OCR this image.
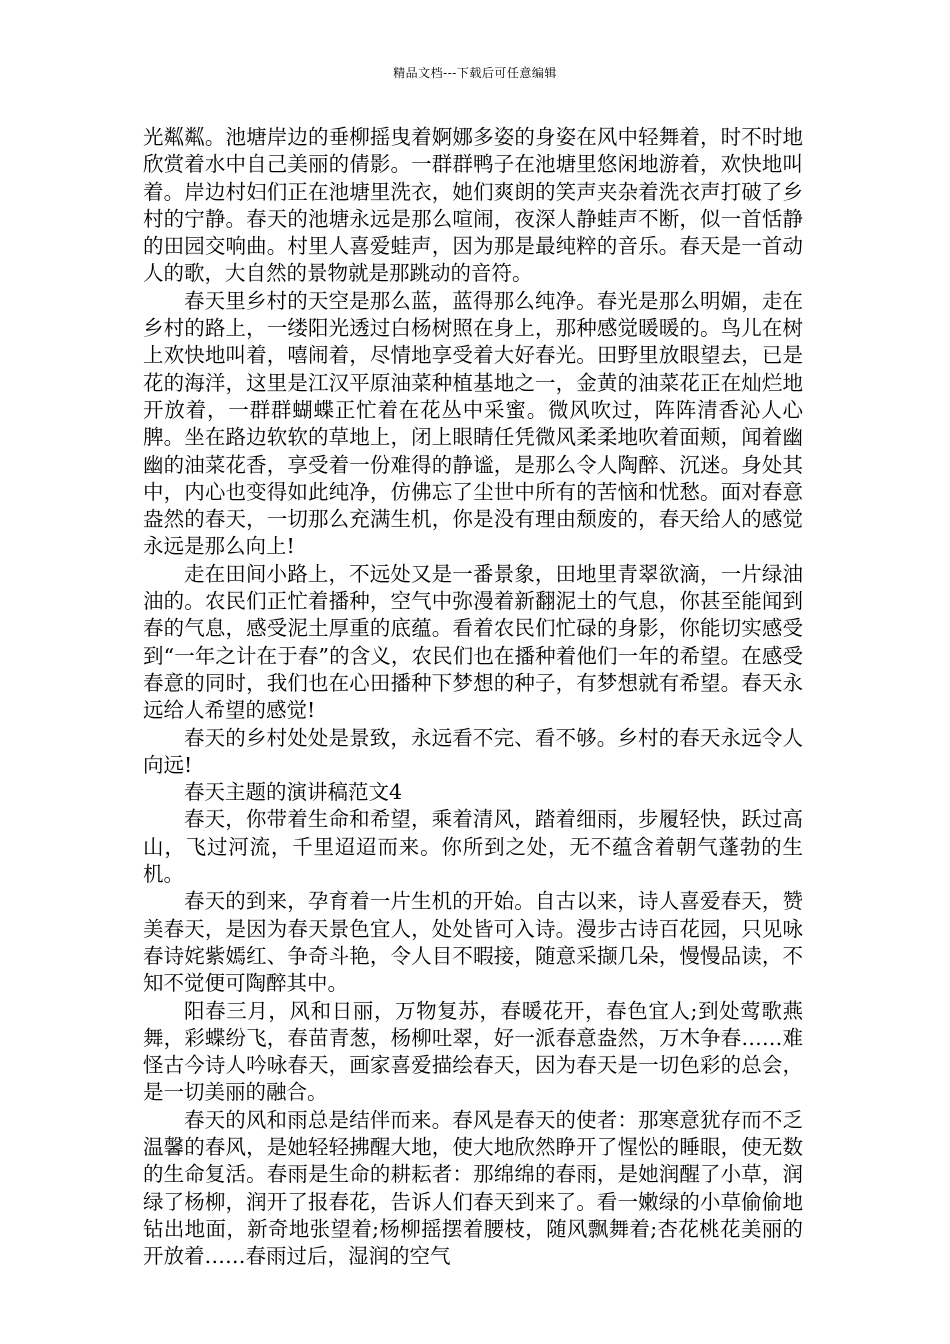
精品文档---下载后可任意编辑

光粼粼。池塘岸边的垂柳摇曳着婀娜多姿的身姿在风中轻舞着，时不时地欣赏着水中自己美丽的倩影。一群群鸭子在池塘里悠闲地游着，欢快地叫着。岸边村妇们正在池塘里洗衣，她们爽朗的笑声夹杂着洗衣声打破了乡村的宁静。春天的池塘永远是那么喧闹，夜深人静蛙声不断，似一首恬静的田园交响曲。村里人喜爱蛙声，因为那是最纯粹的音乐。春天是一首动人的歌，大自然的景物就是那跳动的音符。

春天里乡村的天空是那么蓝，蓝得那么纯净。春光是那么明媚，走在乡村的路上，一缕阳光透过白杨树照在身上，那种感觉暖暖的。鸟儿在树上欢快地叫着，嘻闹着，尽情地享受着大好春光。田野里放眼望去，已是花的海洋，这里是江汉平原油菜种植基地之一，金黄的油菜花正在灿烂地开放着，一群群蝴蝶正忙着在花丛中采蜜。微风吹过，阵阵清香沁人心脾。坐在路边软软的草地上，闭上眼睛任凭微风柔柔地吹着面颊，闻着幽幽的油菜花香，享受着一份难得的静谧，是那么令人陶醉、沉迷。身处其中，内心也变得如此纯净，仿佛忘了尘世中所有的苦恼和忧愁。面对春意盎然的春天，一切那么充满生机，你是没有理由颓废的，春天给人的感觉永远是那么向上!

走在田间小路上，不远处又是一番景象，田地里青翠欲滴，一片绿油油的。农民们正忙着播种，空气中弥漫着新翻泥土的气息，你甚至能闻到春的气息，感受泥土厚重的底蕴。看着农民们忙碌的身影，你能切实感受到“一年之计在于春”的含义，农民们也在播种着他们一年的希望。在感受春意的同时，我们也在心田播种下梦想的种子，有梦想就有希望。春天永远给人希望的感觉!

春天的乡村处处是景致，永远看不完、看不够。乡村的春天永远令人向远!

春天主题的演讲稿范文4

春天，你带着生命和希望，乘着清风，踏着细雨，步履轻快，跃过高山，飞过河流，千里迢迢而来。你所到之处，无不蕴含着朝气蓬勃的生机。

春天的到来，孕育着一片生机的开始。自古以来，诗人喜爱春天，赞美春天，是因为春天景色宜人，处处皆可入诗。漫步古诗百花园，只见咏春诗姹紫嫣红、争奇斗艳，令人目不暇接，随意采撷几朵，慢慢品读，不知不觉便可陶醉其中。

阳春三月，风和日丽，万物复苏，春暖花开，春色宜人;到处莺歌燕舞，彩蝶纷飞，春苗青葱，杨柳吐翠，好一派春意盎然，万木争春……难怪古今诗人吟咏春天，画家喜爱描绘春天，因为春天是一切色彩的总会，是一切美丽的融合。

春天的风和雨总是结伴而来。春风是春天的使者：那寒意犹存而不乏温馨的春风，是她轻轻拂醒大地，使大地欣然睁开了惺忪的睡眼，使无数的生命复活。春雨是生命的耕耘者：那绵绵的春雨，是她润醒了小草，润绿了杨柳，润开了报春花，告诉人们春天到来了。看一嫩绿的小草偷偷地钻出地面，新奇地张望着;杨柳摇摆着腰枝，随风飘舞着;杏花桃花美丽的开放着……春雨过后，湿润的空气
